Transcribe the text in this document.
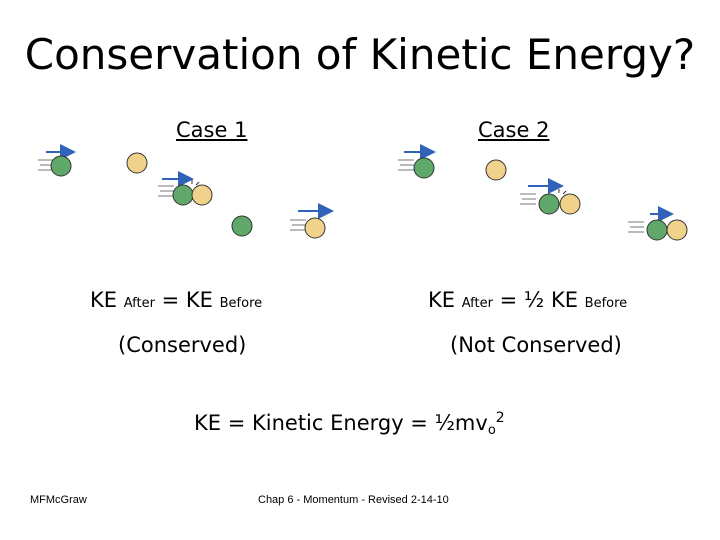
Conservation of Kinetic Energy?
Case 1	Case 2
KE After = KE Before	KE After = ½ KE Before
(Conserved)	(Not Conserved)
KE = Kinetic Energy = ½mvo$^2$
MFMcGraw	Chap 6 - Momentum - Revised 2-14-10
